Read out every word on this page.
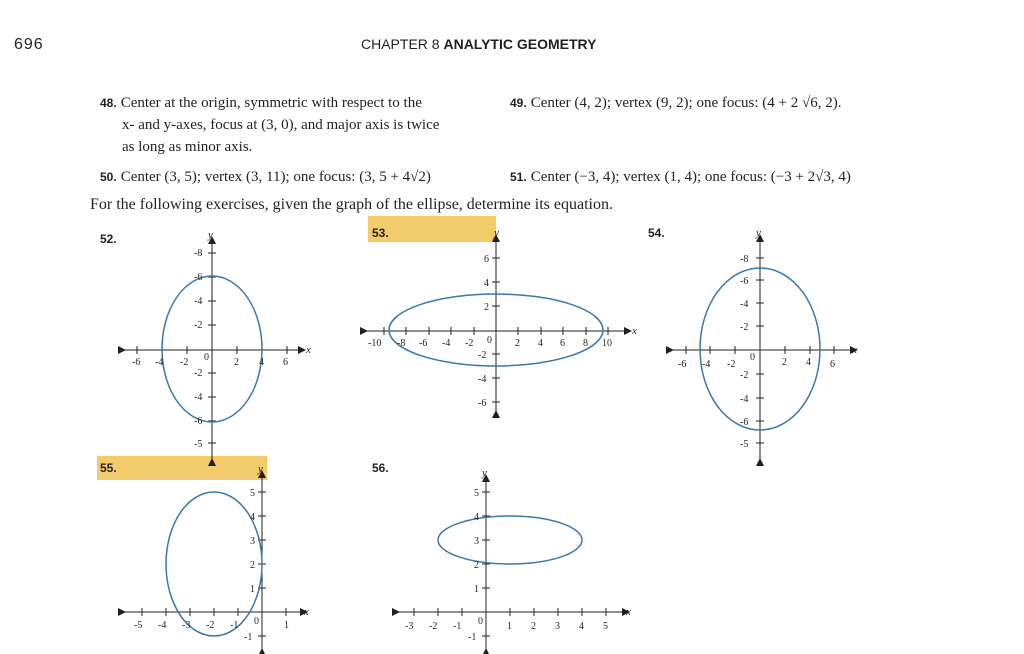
696	CHAPTER 8 ANALYTIC GEOMETRY
48. Center at the origin, symmetric with respect to the
x- and y-axes, focus at (3, 0), and major axis is twice
as long as minor axis.
49. Center (4, 2); vertex (9, 2); one focus: (4 + 2 √6, 2).
50. Center (3, 5); vertex (3, 11); one focus: (3, 5 + 4√2)	51. Center (−3, 4); vertex (1, 4); one focus: (−3 + 2√3, 4)
For the following exercises, given the graph of the ellipse, determine its equation.
52.	53.	54.
55.	56.
x
y
-6 -4 -2 0	2 4 6
-8
-6
-4
-2
-2
-4
-6
-5
x
y
-10 -8 -6 -4 -2 0 2 4 6 8 10
6
4
2
-2
-4
-6
x
y
-6 -4 -2
0	2 4 6
-8
-6
-4
-2
-2
-4
-6
-5
x
y
-5 -4 -3 -2 -1 0	1
5
4
3
2
1
-1
x
y
-3 -2 -1 0 1 2 3 4 5
5
4
3
2
1
-1
